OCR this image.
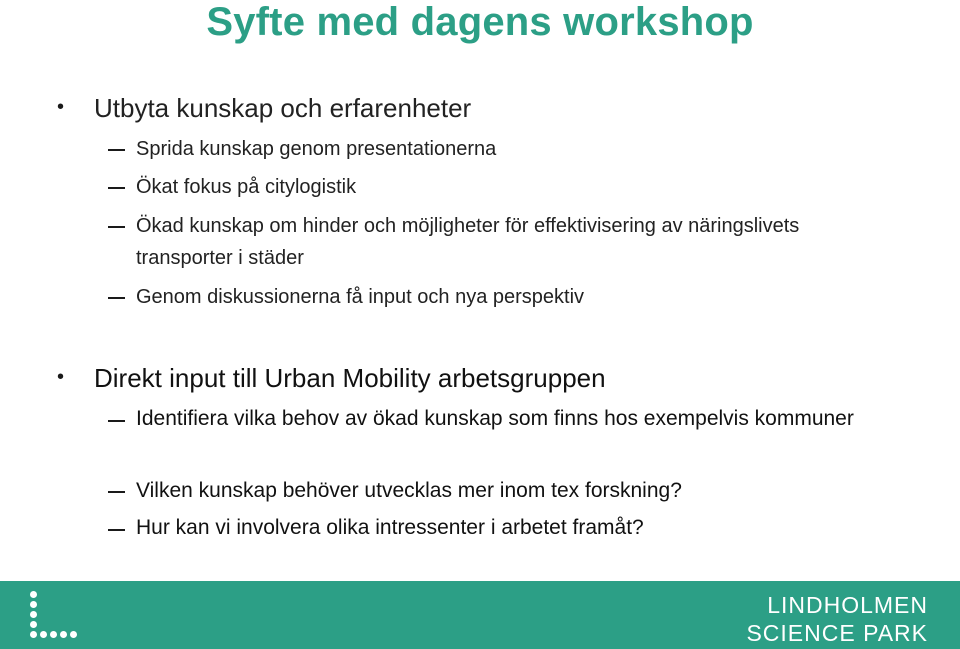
Syfte med dagens workshop
• Utbyta kunskap och erfarenheter
Sprida kunskap genom presentationerna
Ökat fokus på citylogistik
Ökad kunskap om hinder och möjligheter för effektivisering av näringslivets transporter i städer
Genom diskussionerna få input och nya perspektiv
• Direkt input till Urban Mobility arbetsgruppen
Identifiera vilka behov av ökad kunskap som finns hos exempelvis kommuner
Vilken kunskap behöver utvecklas mer inom tex forskning?
Hur kan vi involvera olika intressenter i arbetet framåt?
LINDHOLMEN
SCIENCE PARK
